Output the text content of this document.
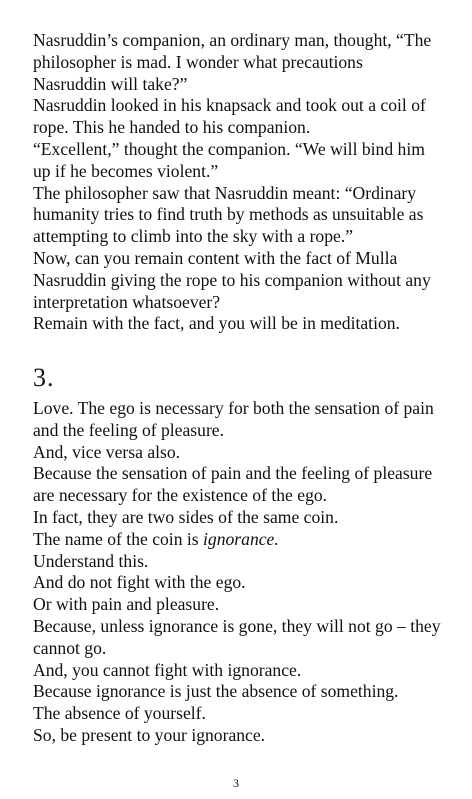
Nasruddin’s companion, an ordinary man, thought, “The
philosopher is mad. I wonder what precautions
Nasruddin will take?”
Nasruddin looked in his knapsack and took out a coil of
rope. This he handed to his companion.
“Excellent,” thought the companion. “We will bind him
up if he becomes violent.”
The philosopher saw that Nasruddin meant: “Ordinary
humanity tries to find truth by methods as unsuitable as
attempting to climb into the sky with a rope.”
Now, can you remain content with the fact of Mulla
Nasruddin giving the rope to his companion without any
interpretation whatsoever?
Remain with the fact, and you will be in meditation.
3.
Love. The ego is necessary for both the sensation of pain
and the feeling of pleasure.
And, vice versa also.
Because the sensation of pain and the feeling of pleasure
are necessary for the existence of the ego.
In fact, they are two sides of the same coin.
The name of the coin is ignorance.
Understand this.
And do not fight with the ego.
Or with pain and pleasure.
Because, unless ignorance is gone, they will not go – they
cannot go.
And, you cannot fight with ignorance.
Because ignorance is just the absence of something.
The absence of yourself.
So, be present to your ignorance.
3
